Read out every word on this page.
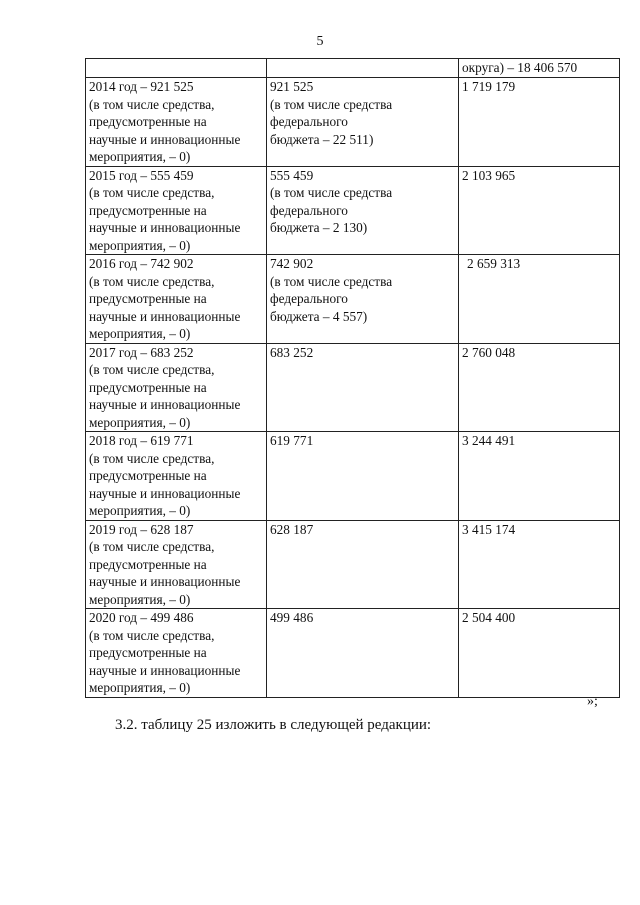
5
		округа) – 18 406 570
2014 год – 921 525
(в том числе средства,
предусмотренные на
научные и инновационные
мероприятия, – 0)	921 525
(в том числе средства
федерального
бюджета – 22 511)	1 719 179
2015 год – 555 459
(в том числе средства,
предусмотренные на
научные и инновационные
мероприятия, – 0)	555 459
(в том числе средства
федерального
бюджета – 2 130)	2 103 965
2016 год – 742 902
(в том числе средства,
предусмотренные на
научные и инновационные
мероприятия, – 0)	742 902
(в том числе средства
федерального
бюджета – 4 557)	2 659 313
2017 год – 683 252
(в том числе средства,
предусмотренные на
научные и инновационные
мероприятия, – 0)	683 252	2 760 048
2018 год – 619 771
(в том числе средства,
предусмотренные на
научные и инновационные
мероприятия, – 0)	619 771	3 244 491
2019 год – 628 187
(в том числе средства,
предусмотренные на
научные и инновационные
мероприятия, – 0)	628 187	3 415 174
2020 год – 499 486
(в том числе средства,
предусмотренные на
научные и инновационные
мероприятия, – 0)	499 486	2 504 400
»;
3.2. таблицу 25 изложить в следующей редакции:
